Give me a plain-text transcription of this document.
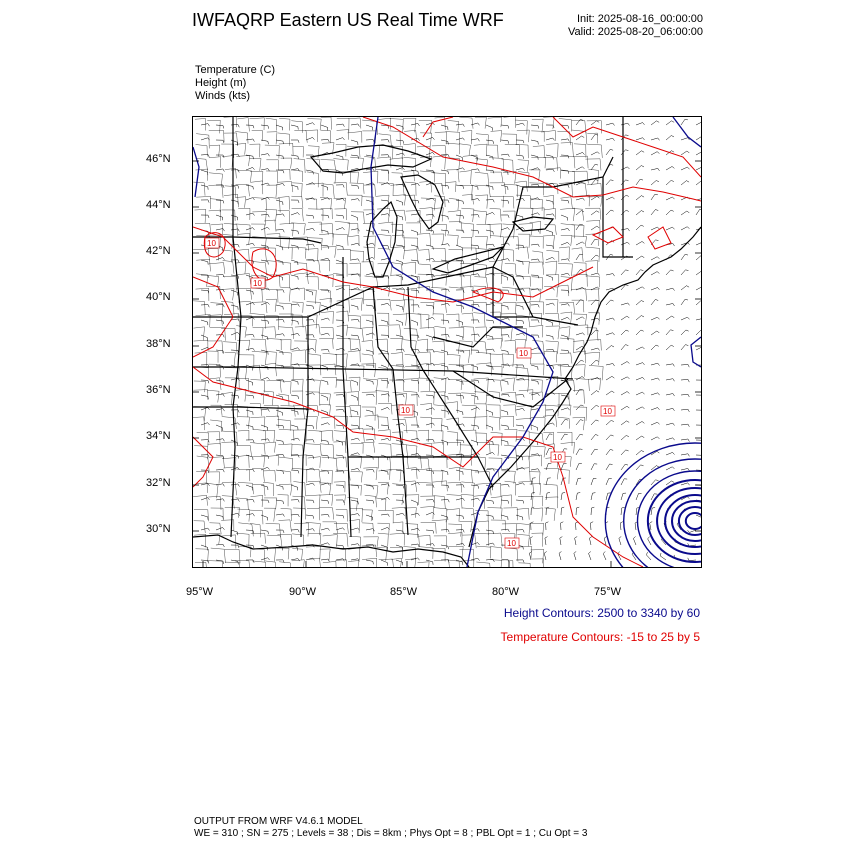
IWFAQRP Eastern US Real Time WRF	Init: 2025-08-16_00:00:00
Valid: 2025-08-20_06:00:00
Temperature (C)
Height (m)
Winds (kts)
10
10
10
10
10
10
10
46°N
44°N
42°N
40°N
38°N
36°N
34°N
32°N
30°N
95°W	90°W	85°W	80°W	75°W
Height Contours: 2500 to 3340 by 60
Temperature Contours: -15 to 25 by 5
OUTPUT FROM WRF V4.6.1 MODEL
WE = 310 ; SN = 275 ; Levels = 38 ; Dis = 8km ; Phys Opt = 8 ; PBL Opt = 1 ; Cu Opt = 3
